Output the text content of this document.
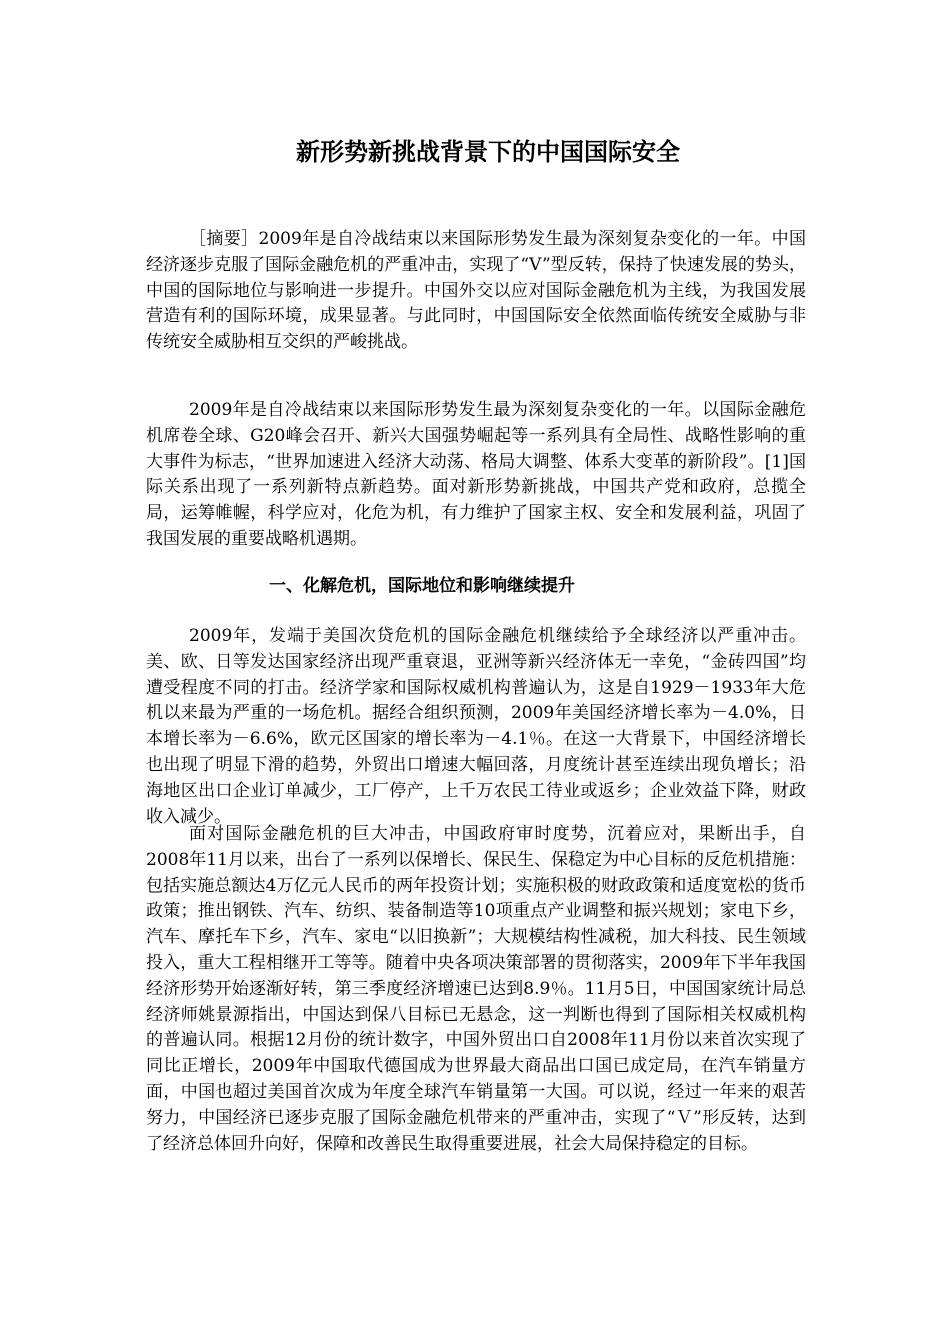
新形势新挑战背景下的中国国际安全

［摘要］2009年是自冷战结束以来国际形势发生最为深刻复杂变化的一年。中国经济逐步克服了国际金融危机的严重冲击，实现了“V”型反转，保持了快速发展的势头，中国的国际地位与影响进一步提升。中国外交以应对国际金融危机为主线，为我国发展营造有利的国际环境，成果显著。与此同时，中国国际安全依然面临传统安全威胁与非传统安全威胁相互交织的严峻挑战。

2009年是自冷战结束以来国际形势发生最为深刻复杂变化的一年。以国际金融危机席卷全球、G20峰会召开、新兴大国强势崛起等一系列具有全局性、战略性影响的重大事件为标志，“世界加速进入经济大动荡、格局大调整、体系大变革的新阶段”。[1]国际关系出现了一系列新特点新趋势。面对新形势新挑战，中国共产党和政府，总揽全局，运筹帷幄，科学应对，化危为机，有力维护了国家主权、安全和发展利益，巩固了我国发展的重要战略机遇期。

一、化解危机，国际地位和影响继续提升

2009年，发端于美国次贷危机的国际金融危机继续给予全球经济以严重冲击。美、欧、日等发达国家经济出现严重衰退，亚洲等新兴经济体无一幸免，“金砖四国”均遭受程度不同的打击。经济学家和国际权威机构普遍认为，这是自1929－1933年大危机以来最为严重的一场危机。据经合组织预测，2009年美国经济增长率为－4.0%，日本增长率为－6.6%，欧元区国家的增长率为－4.1％。在这一大背景下，中国经济增长也出现了明显下滑的趋势，外贸出口增速大幅回落，月度统计甚至连续出现负增长；沿海地区出口企业订单减少，工厂停产，上千万农民工待业或返乡；企业效益下降，财政收入减少。

面对国际金融危机的巨大冲击，中国政府审时度势，沉着应对，果断出手，自2008年11月以来，出台了一系列以保增长、保民生、保稳定为中心目标的反危机措施：包括实施总额达4万亿元人民币的两年投资计划；实施积极的财政政策和适度宽松的货币政策；推出钢铁、汽车、纺织、装备制造等10项重点产业调整和振兴规划；家电下乡，汽车、摩托车下乡，汽车、家电“以旧换新”；大规模结构性减税，加大科技、民生领域投入，重大工程相继开工等等。随着中央各项决策部署的贯彻落实，2009年下半年我国经济形势开始逐渐好转，第三季度经济增速已达到8.9％。11月5日，中国国家统计局总经济师姚景源指出，中国达到保八目标已无悬念，这一判断也得到了国际相关权威机构的普遍认同。根据12月份的统计数字，中国外贸出口自2008年11月份以来首次实现了同比正增长，2009年中国取代德国成为世界最大商品出口国已成定局，在汽车销量方面，中国也超过美国首次成为年度全球汽车销量第一大国。可以说，经过一年来的艰苦努力，中国经济已逐步克服了国际金融危机带来的严重冲击，实现了“Ｖ”形反转，达到了经济总体回升向好，保障和改善民生取得重要进展，社会大局保持稳定的目标。
